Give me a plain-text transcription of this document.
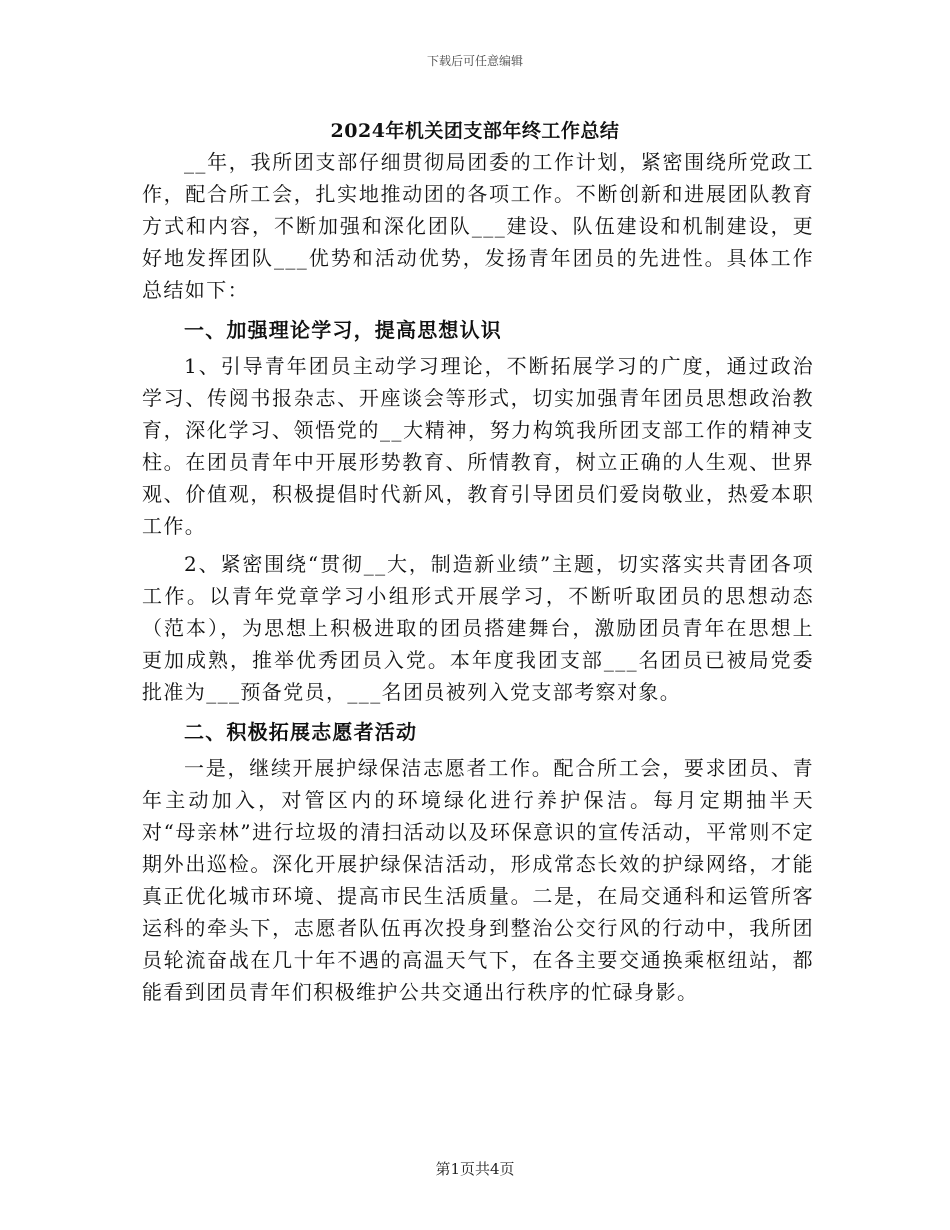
下载后可任意编辑
2024年机关团支部年终工作总结

__年，我所团支部仔细贯彻局团委的工作计划，紧密围绕所党政工作，配合所工会，扎实地推动团的各项工作。不断创新和进展团队教育方式和内容，不断加强和深化团队___建设、队伍建设和机制建设，更好地发挥团队___优势和活动优势，发扬青年团员的先进性。具体工作总结如下：

一、加强理论学习，提高思想认识

1、引导青年团员主动学习理论，不断拓展学习的广度，通过政治学习、传阅书报杂志、开座谈会等形式，切实加强青年团员思想政治教育，深化学习、领悟党的__大精神，努力构筑我所团支部工作的精神支柱。在团员青年中开展形势教育、所情教育，树立正确的人生观、世界观、价值观，积极提倡时代新风，教育引导团员们爱岗敬业，热爱本职工作。

2、紧密围绕“贯彻__大，制造新业绩”主题，切实落实共青团各项工作。以青年党章学习小组形式开展学习，不断听取团员的思想动态（范本），为思想上积极进取的团员搭建舞台，激励团员青年在思想上更加成熟，推举优秀团员入党。本年度我团支部___名团员已被局党委批准为___预备党员，___名团员被列入党支部考察对象。

二、积极拓展志愿者活动

一是，继续开展护绿保洁志愿者工作。配合所工会，要求团员、青年主动加入，对管区内的环境绿化进行养护保洁。每月定期抽半天对“母亲林”进行垃圾的清扫活动以及环保意识的宣传活动，平常则不定期外出巡检。深化开展护绿保洁活动，形成常态长效的护绿网络，才能真正优化城市环境、提高市民生活质量。二是，在局交通科和运管所客运科的牵头下，志愿者队伍再次投身到整治公交行风的行动中，我所团员轮流奋战在几十年不遇的高温天气下，在各主要交通换乘枢纽站，都能看到团员青年们积极维护公共交通出行秩序的忙碌身影。

第1页共4页
